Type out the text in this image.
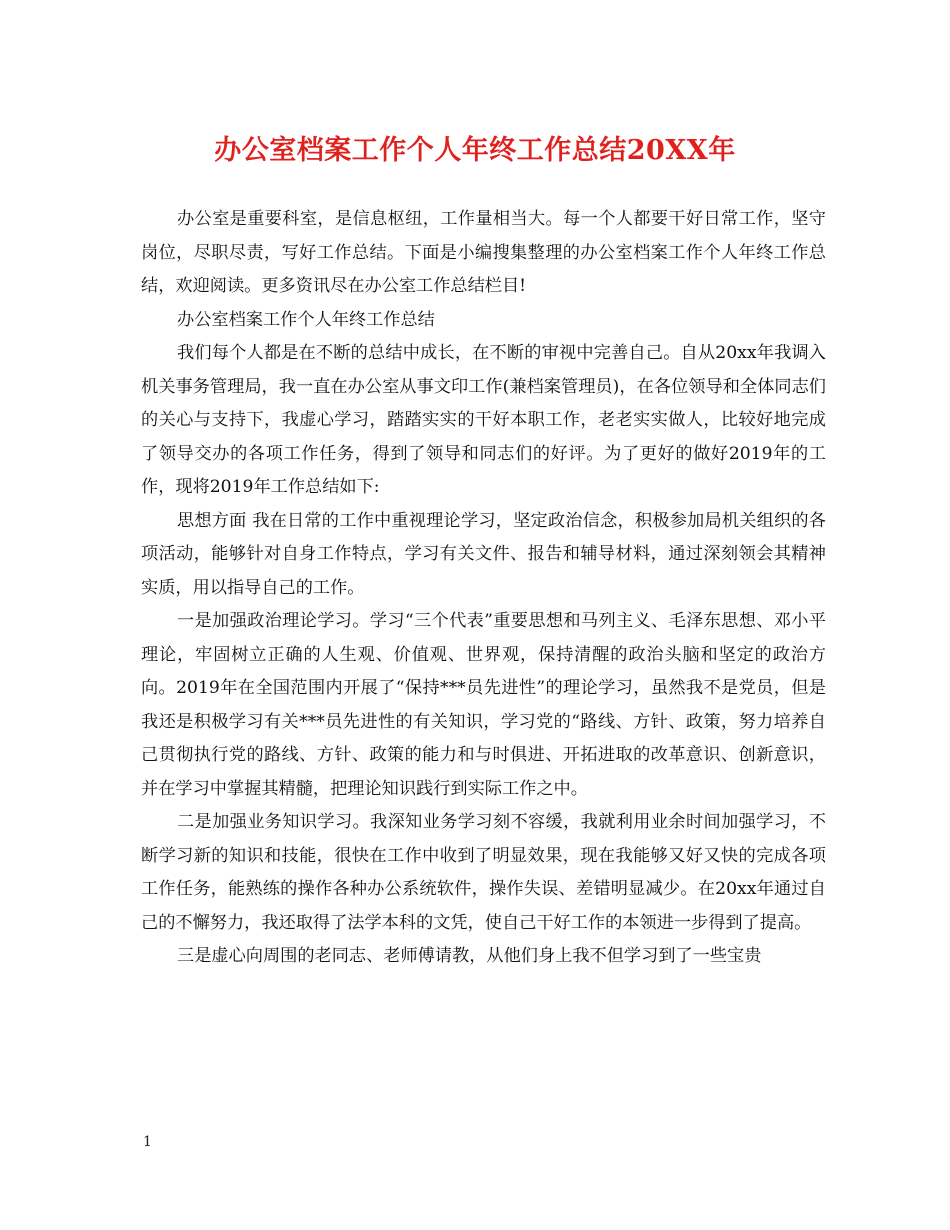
办公室档案工作个人年终工作总结20XX年

办公室是重要科室，是信息枢纽，工作量相当大。每一个人都要干好日常工作，坚守岗位，尽职尽责，写好工作总结。下面是小编搜集整理的办公室档案工作个人年终工作总结，欢迎阅读。更多资讯尽在办公室工作总结栏目!

办公室档案工作个人年终工作总结

我们每个人都是在不断的总结中成长，在不断的审视中完善自己。自从20xx年我调入机关事务管理局，我一直在办公室从事文印工作(兼档案管理员)，在各位领导和全体同志们的关心与支持下，我虚心学习，踏踏实实的干好本职工作，老老实实做人，比较好地完成了领导交办的各项工作任务，得到了领导和同志们的好评。为了更好的做好2019年的工作，现将2019年工作总结如下:

思想方面 我在日常的工作中重视理论学习，坚定政治信念，积极参加局机关组织的各项活动，能够针对自身工作特点，学习有关文件、报告和辅导材料，通过深刻领会其精神实质，用以指导自己的工作。

一是加强政治理论学习。学习“三个代表”重要思想和马列主义、毛泽东思想、邓小平理论，牢固树立正确的人生观、价值观、世界观，保持清醒的政治头脑和坚定的政治方向。2019年在全国范围内开展了“保持***员先进性”的理论学习，虽然我不是党员，但是我还是积极学习有关***员先进性的有关知识，学习党的“路线、方针、政策，努力培养自己贯彻执行党的路线、方针、政策的能力和与时俱进、开拓进取的改革意识、创新意识，并在学习中掌握其精髓，把理论知识践行到实际工作之中。

二是加强业务知识学习。我深知业务学习刻不容缓，我就利用业余时间加强学习，不断学习新的知识和技能，很快在工作中收到了明显效果，现在我能够又好又快的完成各项工作任务，能熟练的操作各种办公系统软件，操作失误、差错明显减少。在20xx年通过自己的不懈努力，我还取得了法学本科的文凭，使自己干好工作的本领进一步得到了提高。

三是虚心向周围的老同志、老师傅请教，从他们身上我不但学习到了一些宝贵

1
